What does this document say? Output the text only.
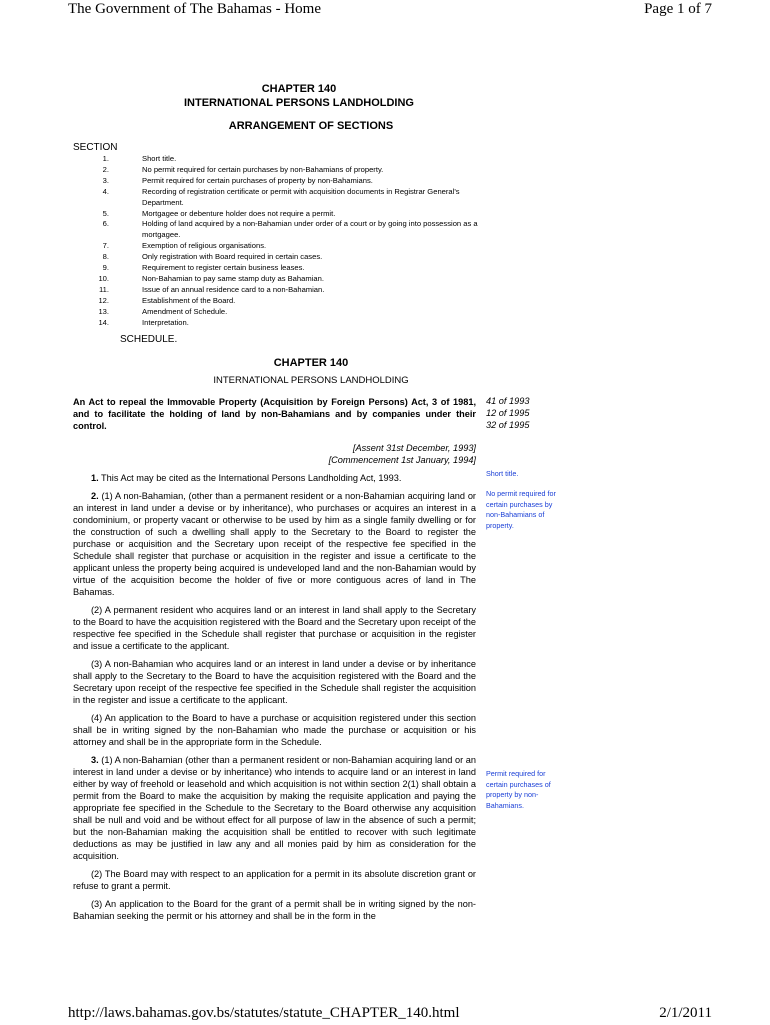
The Government of The Bahamas - Home	Page 1 of 7
CHAPTER 140
INTERNATIONAL PERSONS LANDHOLDING
ARRANGEMENT OF SECTIONS
SECTION
1.	Short title.
2.	No permit required for certain purchases by non-Bahamians of property.
3.	Permit required for certain purchases of property by non-Bahamians.
4.	Recording of registration certificate or permit with acquisition documents in Registrar General's Department.
5.	Mortgagee or debenture holder does not require a permit.
6.	Holding of land acquired by a non-Bahamian under order of a court or by going into possession as a mortgagee.
7.	Exemption of religious organisations.
8.	Only registration with Board required in certain cases.
9.	Requirement to register certain business leases.
10.	Non-Bahamian to pay same stamp duty as Bahamian.
11.	Issue of an annual residence card to a non-Bahamian.
12.	Establishment of the Board.
13.	Amendment of Schedule.
14.	Interpretation.
SCHEDULE.
CHAPTER 140
INTERNATIONAL PERSONS LANDHOLDING
An Act to repeal the Immovable Property (Acquisition by Foreign Persons) Act, 3 of 1981, and to facilitate the holding of land by non-Bahamians and by companies under their control.
[Assent 31st December, 1993]
[Commencement 1st January, 1994]
1. This Act may be cited as the International Persons Landholding Act, 1993.
2. (1) A non-Bahamian, (other than a permanent resident or a non-Bahamian acquiring land or an interest in land under a devise or by inheritance), who purchases or acquires an interest in a condominium, or property vacant or otherwise to be used by him as a single family dwelling or for the construction of such a dwelling shall apply to the Secretary to the Board to register the purchase or acquisition and the Secretary upon receipt of the respective fee specified in the Schedule shall register that purchase or acquisition in the register and issue a certificate to the applicant unless the property being acquired is undeveloped land and the non-Bahamian would by virtue of the acquisition become the holder of five or more contiguous acres of land in The Bahamas.
(2) A permanent resident who acquires land or an interest in land shall apply to the Secretary to the Board to have the acquisition registered with the Board and the Secretary upon receipt of the respective fee specified in the Schedule shall register that purchase or acquisition in the register and issue a certificate to the applicant.
(3) A non-Bahamian who acquires land or an interest in land under a devise or by inheritance shall apply to the Secretary to the Board to have the acquisition registered with the Board and the Secretary upon receipt of the respective fee specified in the Schedule shall register the acquisition in the register and issue a certificate to the applicant.
(4) An application to the Board to have a purchase or acquisition registered under this section shall be in writing signed by the non-Bahamian who made the purchase or acquisition or his attorney and shall be in the appropriate form in the Schedule.
3. (1) A non-Bahamian (other than a permanent resident or non-Bahamian acquiring land or an interest in land under a devise or by inheritance) who intends to acquire land or an interest in land either by way of freehold or leasehold and which acquisition is not within section 2(1) shall obtain a permit from the Board to make the acquisition by making the requisite application and paying the appropriate fee specified in the Schedule to the Secretary to the Board otherwise any acquisition shall be null and void and be without effect for all purpose of law in the absence of such a permit; but the non-Bahamian making the acquisition shall be entitled to recover with such legitimate deductions as may be justified in law any and all monies paid by him as consideration for the acquisition.
(2) The Board may with respect to an application for a permit in its absolute discretion grant or refuse to grant a permit.
(3) An application to the Board for the grant of a permit shall be in writing signed by the non-Bahamian seeking the permit or his attorney and shall be in the form in the
41 of 1993
12 of 1995
32 of 1995
Short title.
No permit required for certain purchases by non-Bahamians of property.
Permit required for certain purchases of property by non-Bahamians.
http://laws.bahamas.gov.bs/statutes/statute_CHAPTER_140.html	2/1/2011
